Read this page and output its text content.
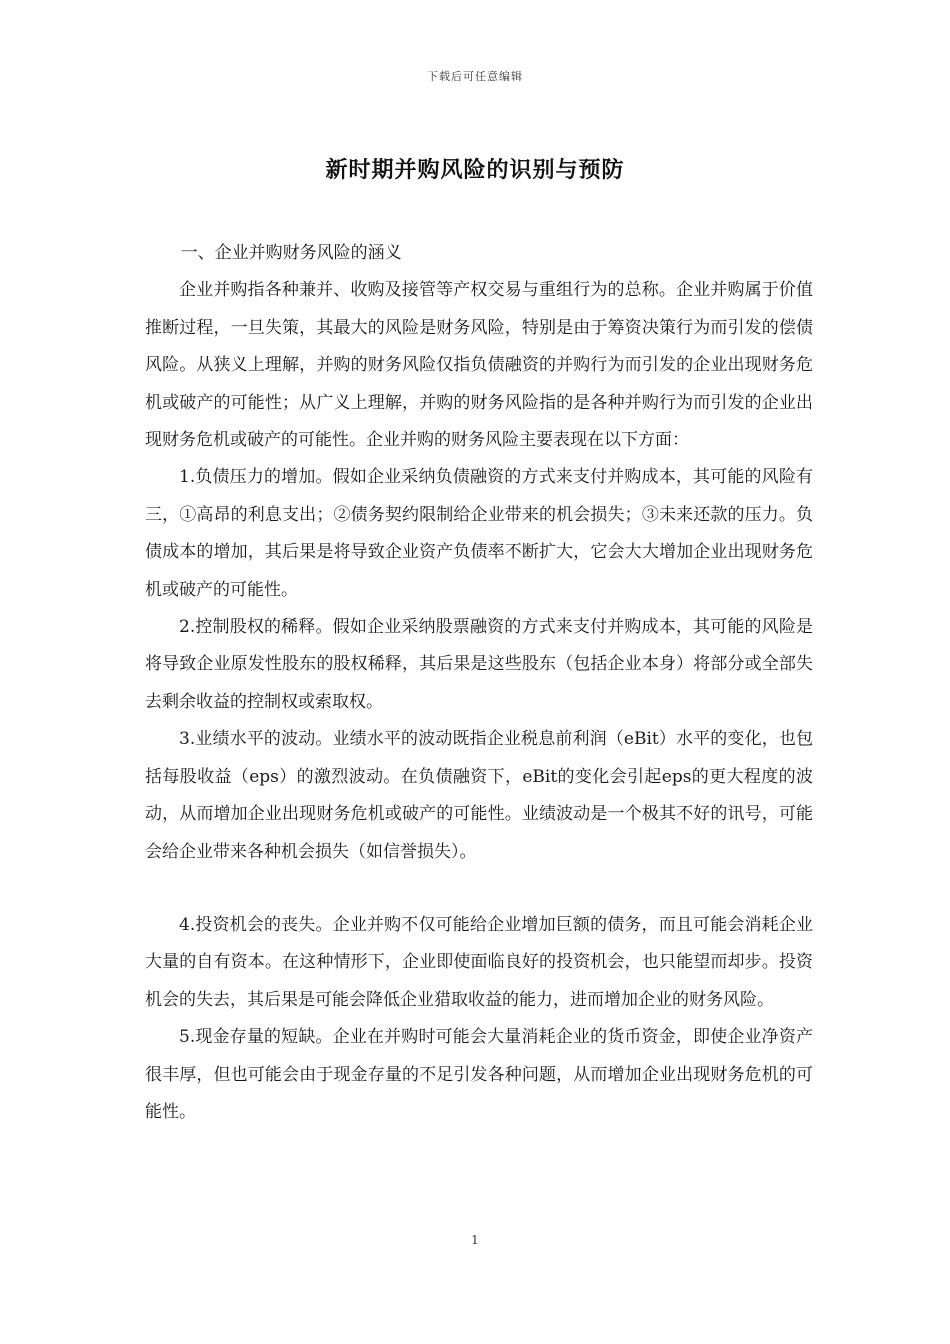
下载后可任意编辑
新时期并购风险的识别与预防

一、企业并购财务风险的涵义

企业并购指各种兼并、收购及接管等产权交易与重组行为的总称。企业并购属于价值推断过程，一旦失策，其最大的风险是财务风险，特别是由于筹资决策行为而引发的偿债风险。从狭义上理解，并购的财务风险仅指负债融资的并购行为而引发的企业出现财务危机或破产的可能性；从广义上理解，并购的财务风险指的是各种并购行为而引发的企业出现财务危机或破产的可能性。企业并购的财务风险主要表现在以下方面：

1.负债压力的增加。假如企业采纳负债融资的方式来支付并购成本，其可能的风险有三，①高昂的利息支出；②债务契约限制给企业带来的机会损失；③未来还款的压力。负债成本的增加，其后果是将导致企业资产负债率不断扩大，它会大大增加企业出现财务危机或破产的可能性。

2.控制股权的稀释。假如企业采纳股票融资的方式来支付并购成本，其可能的风险是将导致企业原发性股东的股权稀释，其后果是这些股东（包括企业本身）将部分或全部失去剩余收益的控制权或索取权。

3.业绩水平的波动。业绩水平的波动既指企业税息前利润（eBit）水平的变化，也包括每股收益（eps）的激烈波动。在负债融资下，eBit的变化会引起eps的更大程度的波动，从而增加企业出现财务危机或破产的可能性。业绩波动是一个极其不好的讯号，可能会给企业带来各种机会损失（如信誉损失）。

4.投资机会的丧失。企业并购不仅可能给企业增加巨额的债务，而且可能会消耗企业大量的自有资本。在这种情形下，企业即使面临良好的投资机会，也只能望而却步。投资机会的失去，其后果是可能会降低企业猎取收益的能力，进而增加企业的财务风险。

5.现金存量的短缺。企业在并购时可能会大量消耗企业的货币资金，即使企业净资产很丰厚，但也可能会由于现金存量的不足引发各种问题，从而增加企业出现财务危机的可能性。

1
